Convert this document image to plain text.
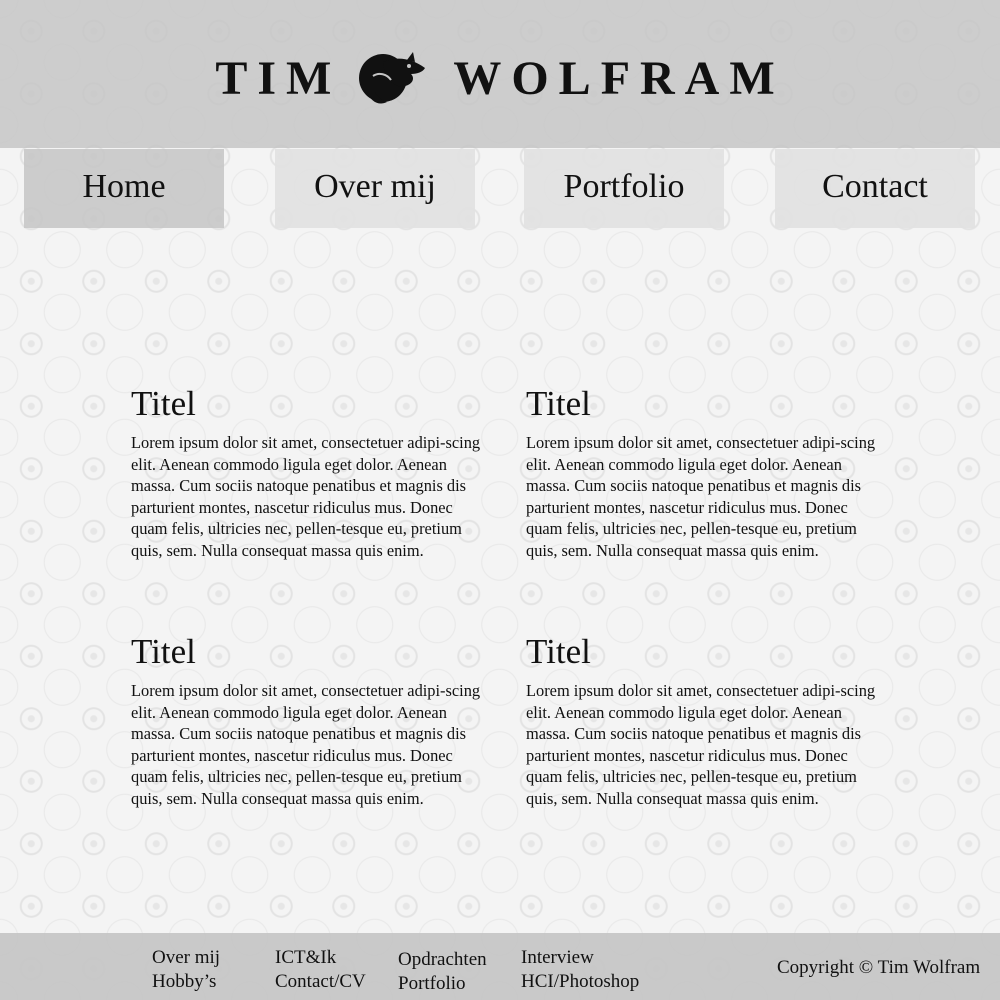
TIM WOLFRAM
Home	Over mij	Portfolio	Contact
Titel

Lorem ipsum dolor sit amet, consectetuer adipi-scing elit. Aenean commodo ligula eget dolor. Aenean massa. Cum sociis natoque penatibus et magnis dis parturient montes, nascetur ridiculus mus. Donec quam felis, ultricies nec, pellen-tesque eu, pretium quis, sem. Nulla consequat massa quis enim.

Titel

Lorem ipsum dolor sit amet, consectetuer adipi-scing elit. Aenean commodo ligula eget dolor. Aenean massa. Cum sociis natoque penatibus et magnis dis parturient montes, nascetur ridiculus mus. Donec quam felis, ultricies nec, pellen-tesque eu, pretium quis, sem. Nulla consequat massa quis enim.

Titel

Lorem ipsum dolor sit amet, consectetuer adipi-scing elit. Aenean commodo ligula eget dolor. Aenean massa. Cum sociis natoque penatibus et magnis dis parturient montes, nascetur ridiculus mus. Donec quam felis, ultricies nec, pellen-tesque eu, pretium quis, sem. Nulla consequat massa quis enim.

Titel

Lorem ipsum dolor sit amet, consectetuer adipi-scing elit. Aenean commodo ligula eget dolor. Aenean massa. Cum sociis natoque penatibus et magnis dis parturient montes, nascetur ridiculus mus. Donec quam felis, ultricies nec, pellen-tesque eu, pretium quis, sem. Nulla consequat massa quis enim.

Over mij
Hobby’s
ICT&Ik
Contact/CV
Opdrachten
Portfolio
Interview
HCI/Photoshop
Copyright © Tim Wolfram
